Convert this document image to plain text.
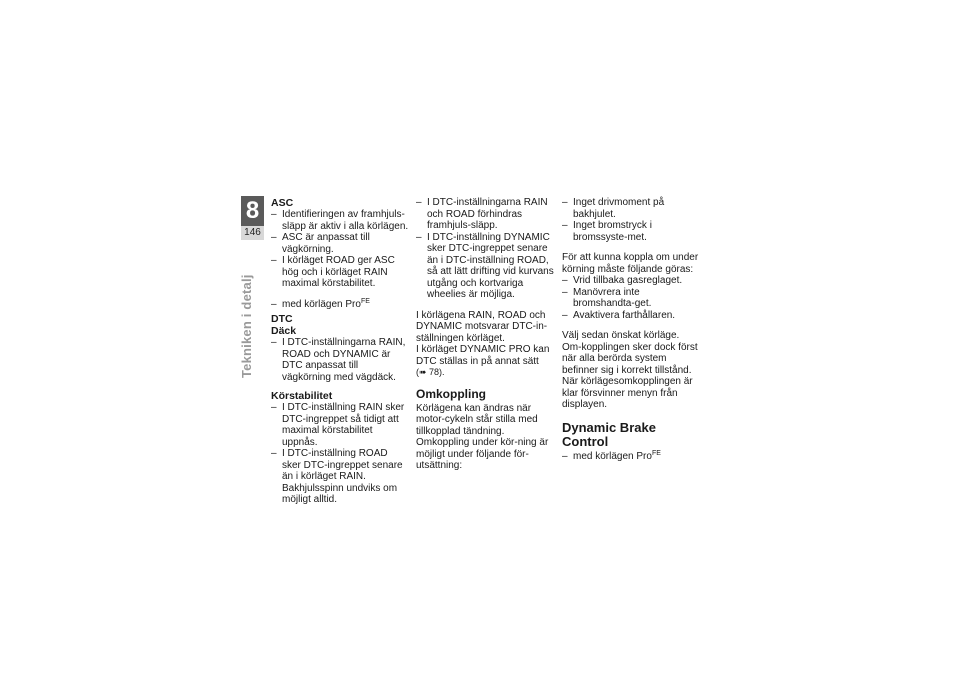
8
146
Tekniken i detalj
ASC
– Identifieringen av framhjuls-släpp är aktiv i alla körlägen.
– ASC är anpassat till vägkörning.
– I körläget ROAD ger ASC hög och i körläget RAIN maximal körstabilitet.
– med körlägen Pro$^{FE}$
DTC
Däck
– I DTC-inställningarna RAIN, ROAD och DYNAMIC är DTC anpassat till vägkörning med vägdäck.
Körstabilitet
– I DTC-inställning RAIN sker DTC-ingreppet så tidigt att maximal körstabilitet uppnås.
– I DTC-inställning ROAD sker DTC-ingreppet senare än i körläget RAIN. Bakhjulsspinn undviks om möjligt alltid.
– I DTC-inställningarna RAIN och ROAD förhindras framhjuls-släpp.
– I DTC-inställning DYNAMIC sker DTC-ingreppet senare än i DTC-inställning ROAD, så att lätt drifting vid kurvans utgång och kortvariga wheelies är möjliga.

I körlägena RAIN, ROAD och DYNAMIC motsvarar DTC-in-ställningen körläget.

I körläget DYNAMIC PRO kan DTC ställas in på annat sätt
(➠ 78).

Omkoppling

Körlägena kan ändras när motor-cykeln står stilla med tillkopplad tändning. Omkoppling under kör-ning är möjligt under följande för-utsättning:

– Inget drivmoment på bakhjulet.
– Inget bromstryck i bromssyste-met.

För att kunna koppla om under körning måste följande göras:

– Vrid tillbaka gasreglaget.
– Manövrera inte bromshandta-get.
– Avaktivera farthållaren.

Välj sedan önskat körläge. Om-kopplingen sker dock först när alla berörda system befinner sig i korrekt tillstånd.

När körlägesomkopplingen är klar försvinner menyn från displayen.

Dynamic Brake Control
– med körlägen Pro$^{FE}$
